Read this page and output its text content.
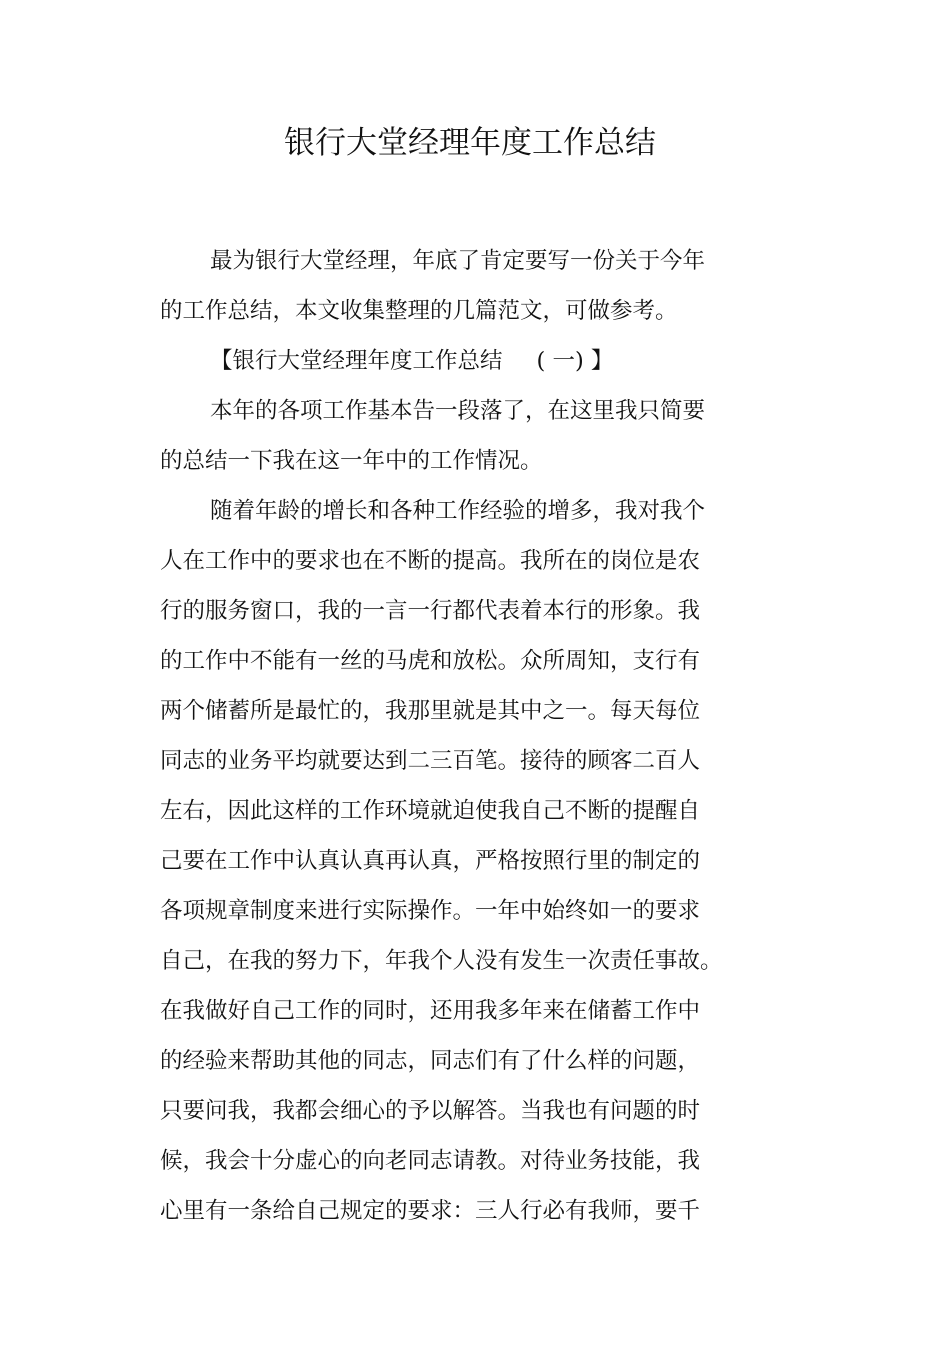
银行大堂经理年度工作总结
最为银行大堂经理，年底了肯定要写一份关于今年
的工作总结，本文收集整理的几篇范文，可做参考。
【银行大堂经理年度工作总结 ( 一) 】
本年的各项工作基本告一段落了，在这里我只简要
的总结一下我在这一年中的工作情况。
随着年龄的增长和各种工作经验的增多，我对我个
人在工作中的要求也在不断的提高。我所在的岗位是农
行的服务窗口，我的一言一行都代表着本行的形象。我
的工作中不能有一丝的马虎和放松。众所周知，支行有
两个储蓄所是最忙的，我那里就是其中之一。每天每位
同志的业务平均就要达到二三百笔。接待的顾客二百人
左右，因此这样的工作环境就迫使我自己不断的提醒自
己要在工作中认真认真再认真，严格按照行里的制定的
各项规章制度来进行实际操作。一年中始终如一的要求
自己，在我的努力下，年我个人没有发生一次责任事故。
在我做好自己工作的同时，还用我多年来在储蓄工作中
的经验来帮助其他的同志，同志们有了什么样的问题，
只要问我，我都会细心的予以解答。当我也有问题的时
候，我会十分虚心的向老同志请教。对待业务技能，我
心里有一条给自己规定的要求：三人行必有我师，要千
